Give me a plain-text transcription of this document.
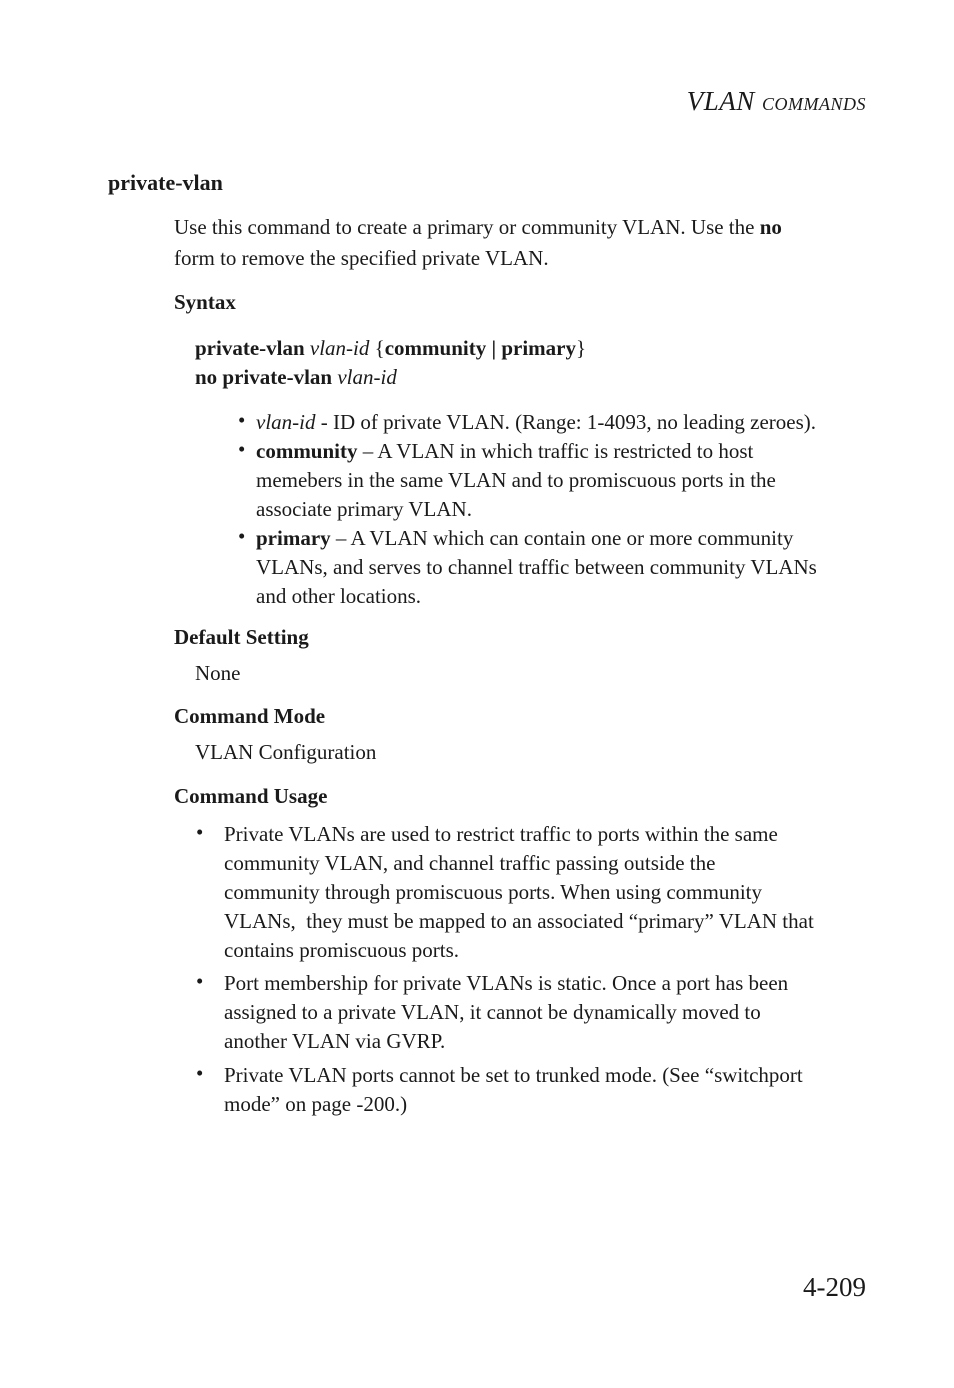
VLAN COMMANDS
private-vlan
Use this command to create a primary or community VLAN. Use the no
form to remove the specified private VLAN.
Syntax
private-vlan vlan-id {community | primary}
no private-vlan vlan-id
• vlan-id - ID of private VLAN. (Range: 1-4093, no leading zeroes).
• community – A VLAN in which traffic is restricted to host
memebers in the same VLAN and to promiscuous ports in the
associate primary VLAN.
• primary – A VLAN which can contain one or more community
VLANs, and serves to channel traffic between community VLANs
and other locations.
Default Setting
None
Command Mode
VLAN Configuration
Command Usage
• Private VLANs are used to restrict traffic to ports within the same
community VLAN, and channel traffic passing outside the
community through promiscuous ports. When using community
VLANs,  they must be mapped to an associated “primary” VLAN that
contains promiscuous ports.
• Port membership for private VLANs is static. Once a port has been
assigned to a private VLAN, it cannot be dynamically moved to
another VLAN via GVRP.
• Private VLAN ports cannot be set to trunked mode. (See “switchport
mode” on page -200.)
4-209
